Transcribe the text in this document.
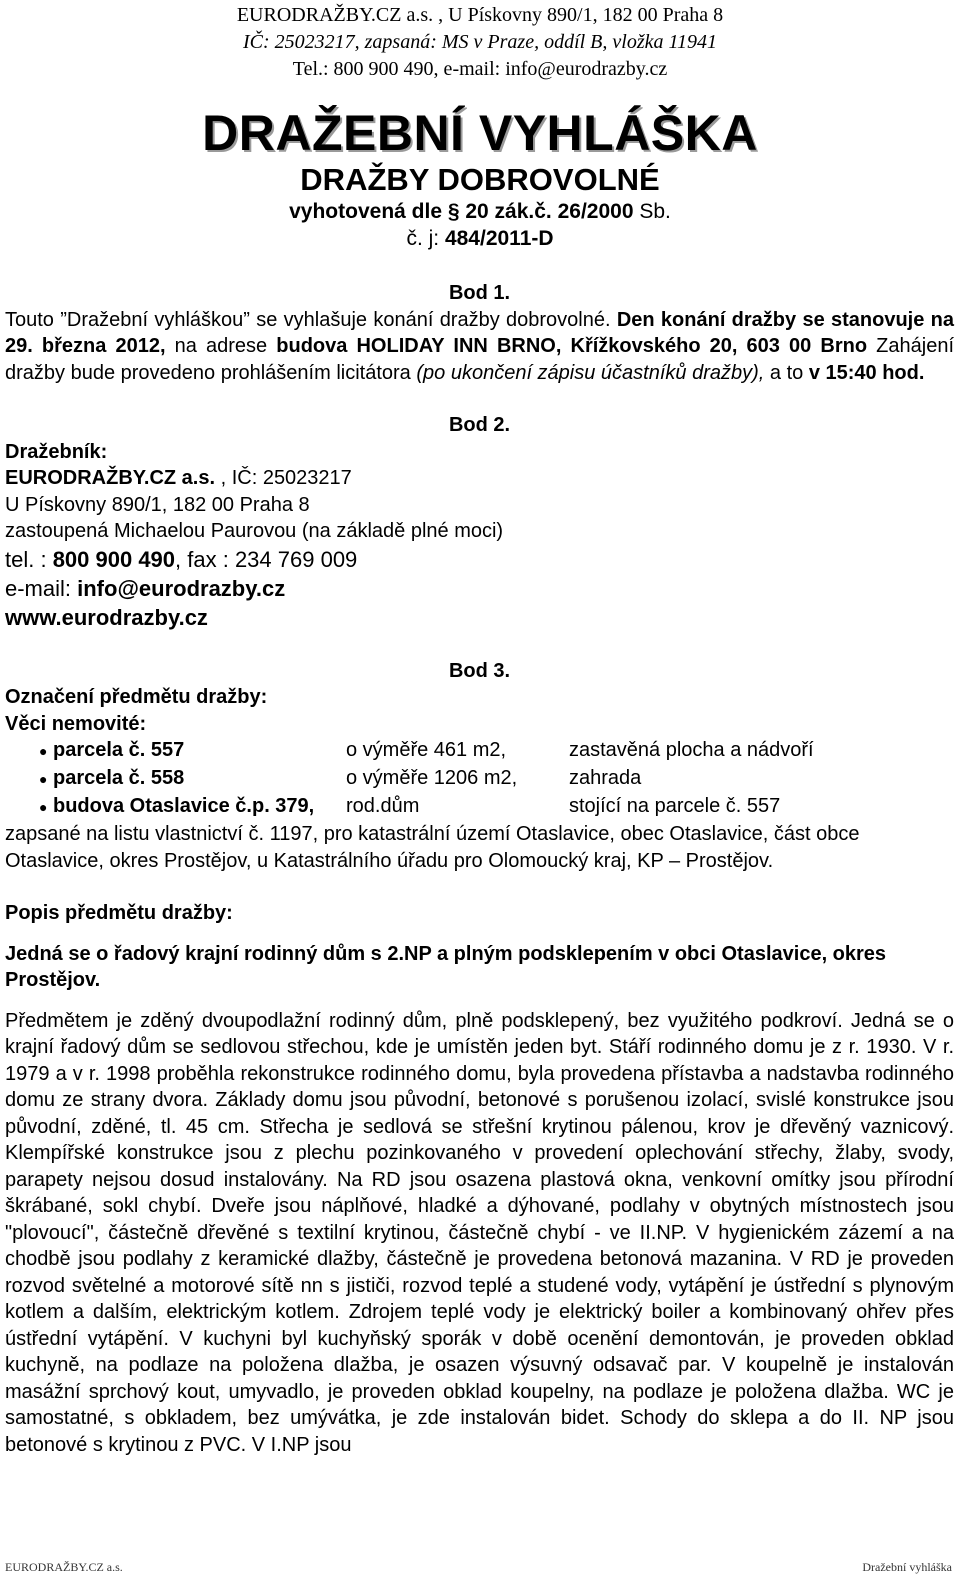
EURODRAŽBY.CZ a.s. , U Pískovny 890/1, 182 00 Praha 8
IČ: 25023217, zapsaná: MS v Praze, oddíl B, vložka 11941
Tel.: 800 900 490, e-mail: info@eurodrazby.cz
DRAŽEBNÍ VYHLÁŠKA
DRAŽBY DOBROVOLNÉ
vyhotovená dle § 20 zák.č. 26/2000 Sb.
č. j: 484/2011-D
Bod 1.

Touto ”Dražební vyhláškou” se vyhlašuje konání dražby dobrovolné. Den konání dražby se stanovuje na 29. března 2012, na adrese budova HOLIDAY INN BRNO, Křížkovského 20, 603 00 Brno Zahájení dražby bude provedeno prohlášením licitátora (po ukončení zápisu účastníků dražby), a to v 15:40 hod.

Bod 2.
Dražebník:
EURODRAŽBY.CZ a.s. , IČ: 25023217
U Pískovny 890/1, 182 00 Praha 8
zastoupená Michaelou Paurovou (na základě plné moci)
tel. : 800 900 490, fax : 234 769 009
e-mail: info@eurodrazby.cz
www.eurodrazby.cz
Bod 3.
Označení předmětu dražby:
Věci nemovité:
● parcela č. 557	o výměře 461 m2,	zastavěná plocha a nádvoří
● parcela č. 558	o výměře 1206 m2,	zahrada
● budova Otaslavice č.p. 379,	rod.dům	stojící na parcele č. 557

zapsané na listu vlastnictví č. 1197, pro katastrální území Otaslavice, obec Otaslavice, část obce Otaslavice, okres Prostějov, u Katastrálního úřadu pro Olomoucký kraj, KP – Prostějov.

Popis předmětu dražby:

Jedná se o řadový krajní rodinný dům s 2.NP a plným podsklepením v obci Otaslavice, okres Prostějov.

Předmětem je zděný dvoupodlažní rodinný dům, plně podsklepený, bez využitého podkroví. Jedná se o krajní řadový dům se sedlovou střechou, kde je umístěn jeden byt. Stáří rodinného domu je z r. 1930. V r. 1979 a v r. 1998 proběhla rekonstrukce rodinného domu, byla provedena přístavba a nadstavba rodinného domu ze strany dvora. Základy domu jsou původní, betonové s porušenou izolací, svislé konstrukce jsou původní, zděné, tl. 45 cm. Střecha je sedlová se střešní krytinou pálenou, krov je dřevěný vaznicový. Klempířské konstrukce jsou z plechu pozinkovaného v provedení oplechování střechy, žlaby, svody, parapety nejsou dosud instalovány. Na RD jsou osazena plastová okna, venkovní omítky jsou přírodní škrábané, sokl chybí. Dveře jsou náplňové, hladké a dýhované, podlahy v obytných místnostech jsou "plovoucí", částečně dřevěné s textilní krytinou, částečně chybí - ve II.NP. V hygienickém zázemí a na chodbě jsou podlahy z keramické dlažby, částečně je provedena betonová mazanina. V RD je proveden rozvod světelné a motorové sítě nn s jističi, rozvod teplé a studené vody, vytápění je ústřední s plynovým kotlem a dalším, elektrickým kotlem. Zdrojem teplé vody je elektrický boiler a kombinovaný ohřev přes ústřední vytápění. V kuchyni byl kuchyňský sporák v době ocenění demontován, je proveden obklad kuchyně, na podlaze na položena dlažba, je osazen výsuvný odsavač par. V koupelně je instalován masážní sprchový kout, umyvadlo, je proveden obklad koupelny, na podlaze je položena dlažba. WC je samostatné, s obkladem, bez umývátka, je zde instalován bidet. Schody do sklepa a do II. NP jsou betonové s krytinou z PVC. V I.NP jsou

EURODRAŽBY.CZ a.s.	Dražební vyhláška
